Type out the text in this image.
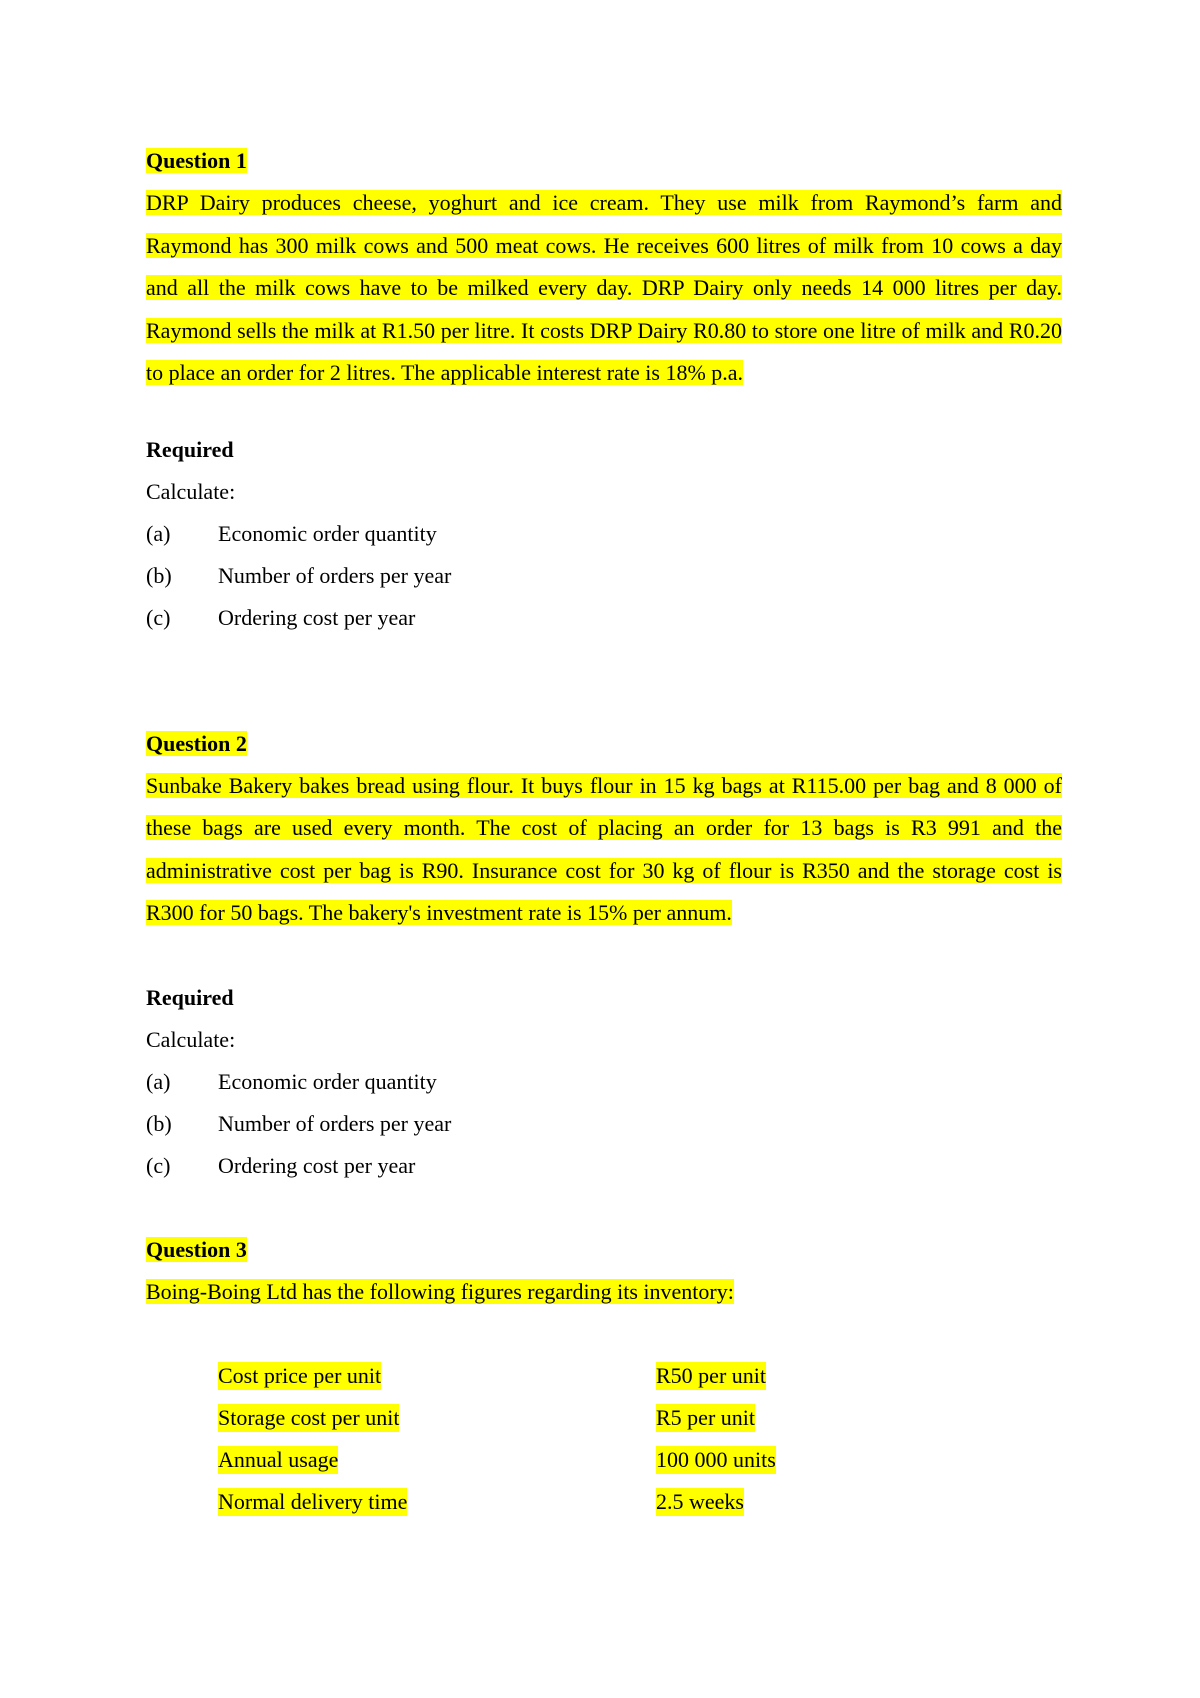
Question 1

DRP Dairy produces cheese, yoghurt and ice cream. They use milk from Raymond’s farm and Raymond has 300 milk cows and 500 meat cows. He receives 600 litres of milk from 10 cows a day and all the milk cows have to be milked every day. DRP Dairy only needs 14 000 litres per day. Raymond sells the milk at R1.50 per litre. It costs DRP Dairy R0.80 to store one litre of milk and R0.20 to place an order for 2 litres. The applicable interest rate is 18% p.a.

Required

Calculate:

(a)	Economic order quantity
(b)	Number of orders per year
(c)	Ordering cost per year

Question 2

Sunbake Bakery bakes bread using flour. It buys flour in 15 kg bags at R115.00 per bag and 8 000 of these bags are used every month. The cost of placing an order for 13 bags is R3 991 and the administrative cost per bag is R90. Insurance cost for 30 kg of flour is R350 and the storage cost is R300 for 50 bags. The bakery's investment rate is 15% per annum.

Required

Calculate:

(a)	Economic order quantity
(b)	Number of orders per year
(c)	Ordering cost per year

Question 3

Boing-Boing Ltd has the following figures regarding its inventory:

Cost price per unit	R50 per unit
Storage cost per unit	R5 per unit
Annual usage	100 000 units
Normal delivery time	2.5 weeks
